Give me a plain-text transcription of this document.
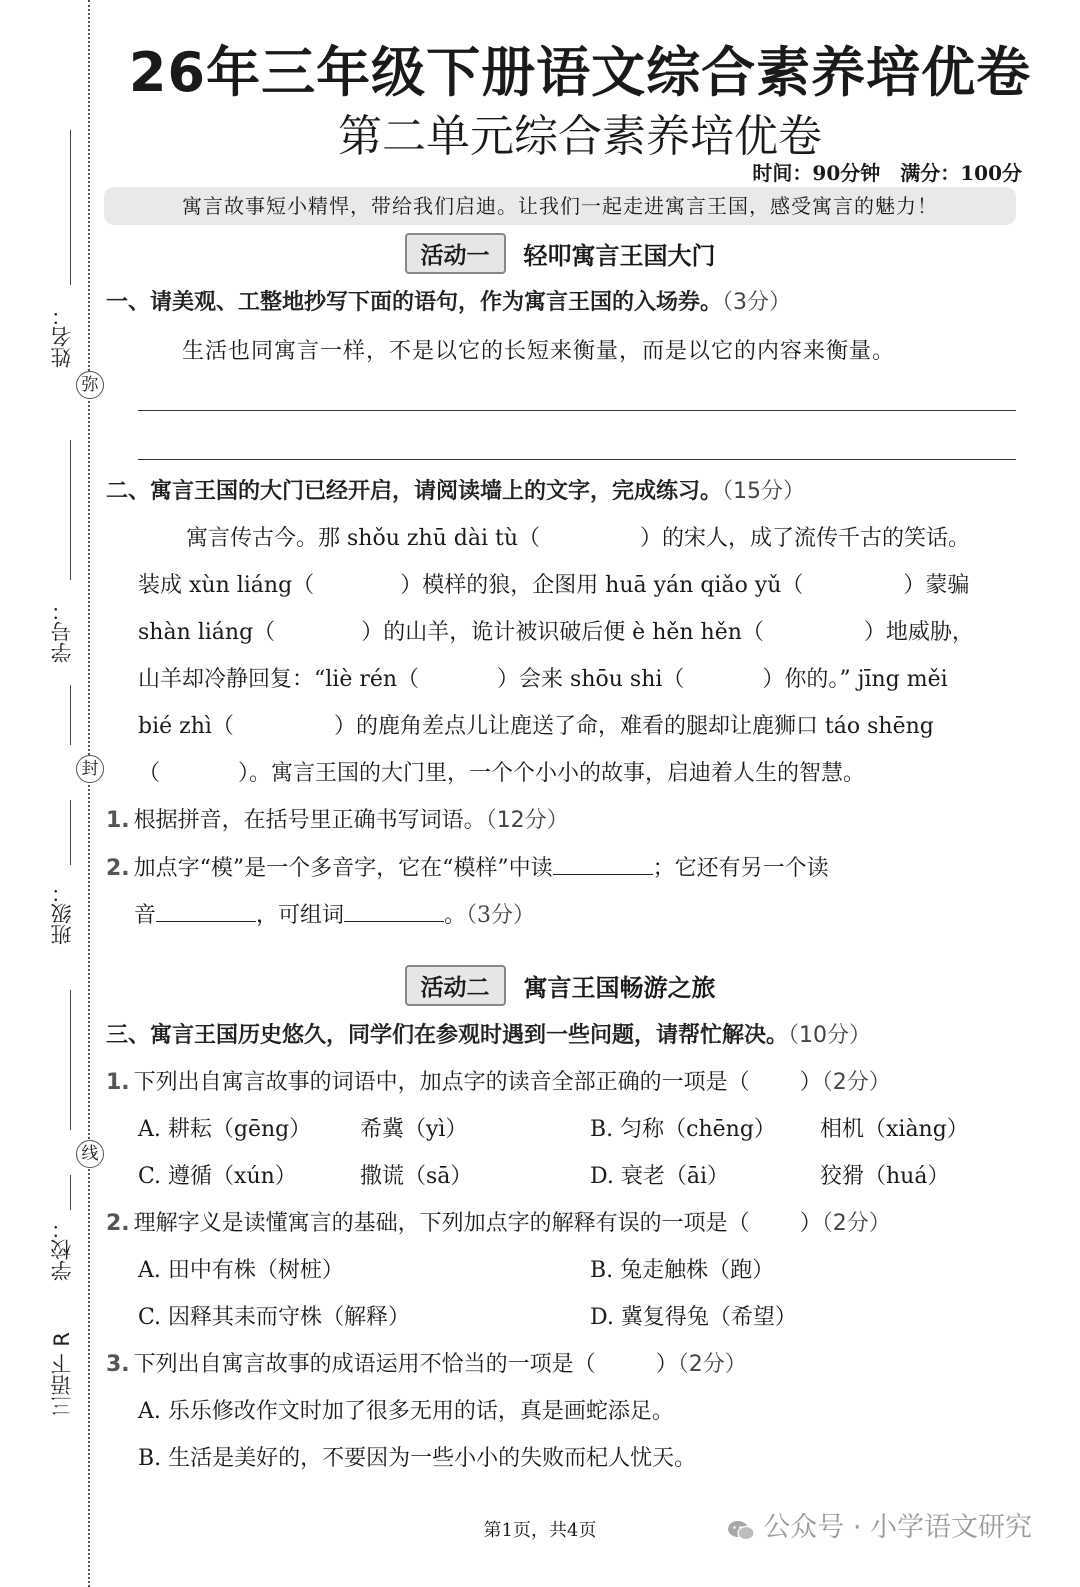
姓名：
弥
学号：
封
班级：
线
学校：
三语下 R
26年三年级下册语文综合素养培优卷
第二单元综合素养培优卷
时间：90分钟　满分：100分
寓言故事短小精悍，带给我们启迪。让我们一起走进寓言王国，感受寓言的魅力！
活动一 轻叩寓言王国大门
一、请美观、工整地抄写下面的语句，作为寓言王国的入场券。（3分）
生活也同寓言一样，不是以它的长短来衡量，而是以它的内容来衡量。
二、寓言王国的大门已经开启，请阅读墙上的文字，完成练习。（15分）
寓言传古今。那 shǒu zhū dài tù（	）的宋人，成了流传千古的笑话。
装成 xùn liáng（	）模样的狼，企图用 huā yán qiǎo yǔ（	）蒙骗
shàn liáng（	）的山羊，诡计被识破后便 è hěn hěn（	）地威胁，
山羊却冷静回复：“liè rén（	）会来 shōu shi（	）你的。” jīng měi
bié zhì（	）的鹿角差点儿让鹿送了命，难看的腿却让鹿狮口 táo shēng
（	）。寓言王国的大门里，一个个小小的故事，启迪着人生的智慧。
1. 根据拼音，在括号里正确书写词语。（12分）
2. 加点字“模”是一个多音字，它在“模样”中读	；它还有另一个读
音	，可组词	。（3分）
活动二 寓言王国畅游之旅
三、寓言王国历史悠久，同学们在参观时遇到一些问题，请帮忙解决。（10分）
1. 下列出自寓言故事的词语中，加点字的读音全部正确的一项是（ ）（2分）
A. 耕耘（gēng） 希冀（yì）	B. 匀称（chēng） 相机（xiàng）
C. 遵循（xún）	撒谎（sā）	D. 衰老（āi）	狡猾（huá）
2. 理解字义是读懂寓言的基础，下列加点字的解释有误的一项是（ ）（2分）
A. 田中有株（树桩）	B. 兔走触株（跑）
C. 因释其耒而守株（解释）	D. 冀复得兔（希望）
3. 下列出自寓言故事的成语运用不恰当的一项是（	）（2分）
A. 乐乐修改作文时加了很多无用的话，真是画蛇添足。
B. 生活是美好的，不要因为一些小小的失败而杞人忧天。
第1页，共4页	公众号 · 小学语文研究
